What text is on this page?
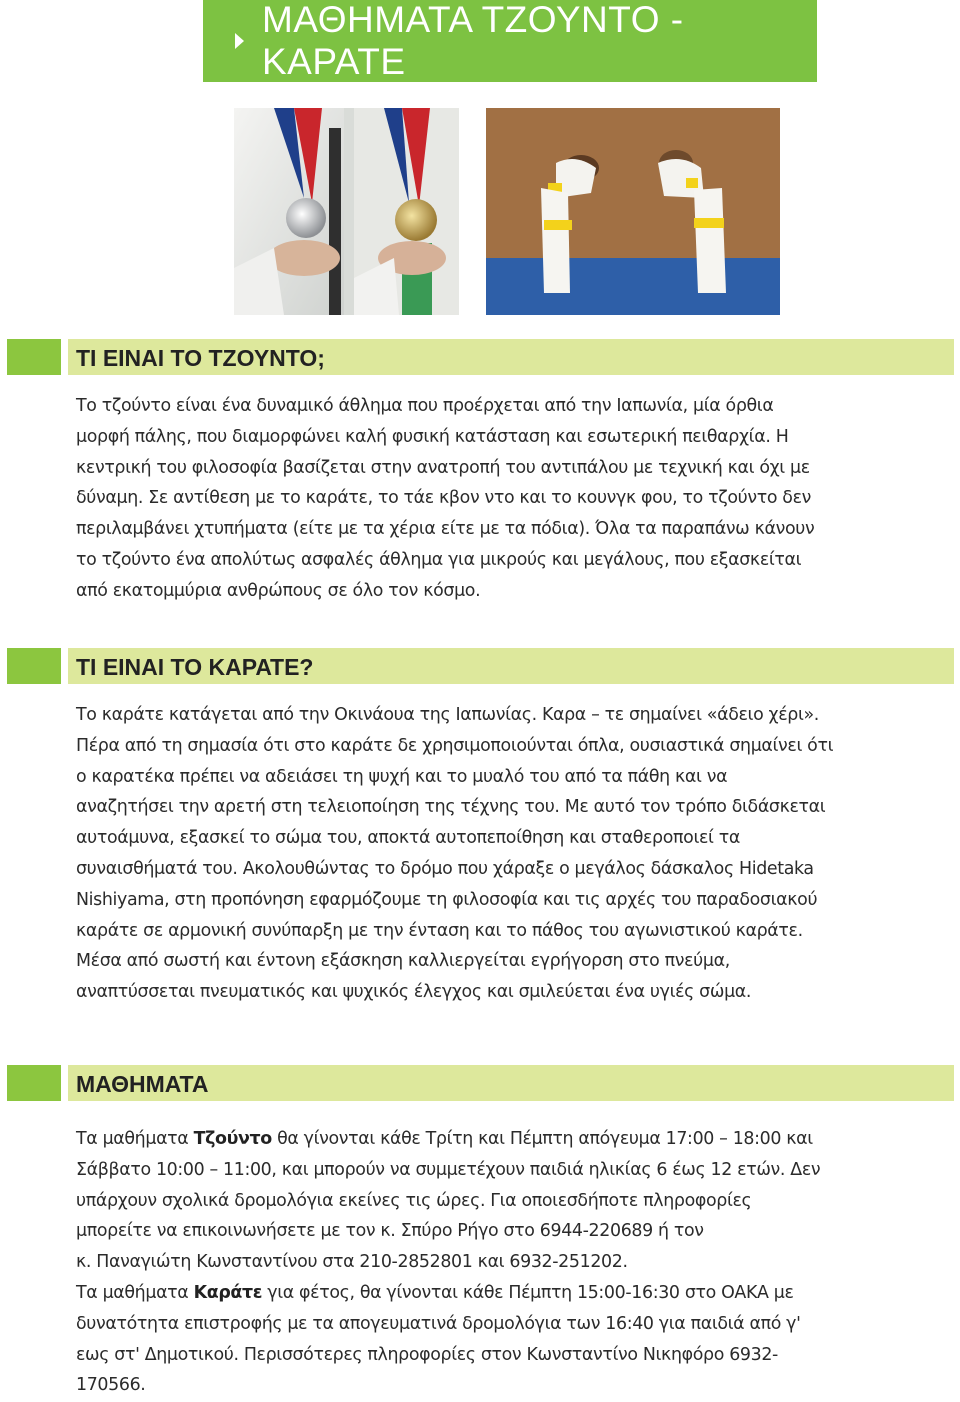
ΜΑΘΗΜΑΤΑ ΤΖΟΥΝΤΟ - ΚΑΡΑΤΕ
ΤΙ ΕΙΝΑΙ ΤΟ ΤΖΟΥΝΤΟ;

Το τζούντο είναι ένα δυναμικό άθλημα που προέρχεται από την Ιαπωνία, μία όρθια

μορφή πάλης, που διαμορφώνει καλή φυσική κατάσταση και εσωτερική πειθαρχία. Η

κεντρική του φιλοσοφία βασίζεται στην ανατροπή του αντιπάλου με τεχνική και όχι με

δύναμη. Σε αντίθεση με το καράτε, το τάε κβον ντο και το κουνγκ φου, το τζούντο δεν

περιλαμβάνει χτυπήματα (είτε με τα χέρια είτε με τα πόδια). Όλα τα παραπάνω κάνουν

το τζούντο ένα απολύτως ασφαλές άθλημα για μικρούς και μεγάλους, που εξασκείται

από εκατομμύρια ανθρώπους σε όλο τον κόσμο.

ΤΙ ΕΙΝΑΙ ΤΟ ΚΑΡΑΤΕ?

Το καράτε κατάγεται από την Οκινάουα της Ιαπωνίας. Καρα – τε σημαίνει «άδειο χέρι».

Πέρα από τη σημασία ότι στο καράτε δε χρησιμοποιούνται όπλα, ουσιαστικά σημαίνει ότι

ο καρατέκα πρέπει να αδειάσει τη ψυχή και το μυαλό του από τα πάθη και να

αναζητήσει την αρετή στη τελειοποίηση της τέχνης του. Με αυτό τον τρόπο διδάσκεται

αυτοάμυνα, εξασκεί το σώμα του, αποκτά αυτοπεποίθηση και σταθεροποιεί τα

συναισθήματά του. Ακολουθώντας το δρόμο που χάραξε ο μεγάλος δάσκαλος Hidetaka

Nishiyama, στη προπόνηση εφαρμόζουμε τη φιλοσοφία και τις αρχές του παραδοσιακού

καράτε σε αρμονική συνύπαρξη με την ένταση και το πάθος του αγωνιστικού καράτε.

Μέσα από σωστή και έντονη εξάσκηση καλλιεργείται εγρήγορση στο πνεύμα,

αναπτύσσεται πνευματικός και ψυχικός έλεγχος και σμιλεύεται ένα υγιές σώμα.

ΜΑΘΗΜΑΤΑ

Τα μαθήματα Τζούντο θα γίνονται κάθε Τρίτη και Πέμπτη απόγευμα 17:00 – 18:00 και

Σάββατο 10:00 – 11:00, και μπορούν να συμμετέχουν παιδιά ηλικίας 6 έως 12 ετών. Δεν

υπάρχουν σχολικά δρομολόγια εκείνες τις ώρες. Για οποιεσδήποτε πληροφορίες

μπορείτε να επικοινωνήσετε με τον κ. Σπύρο Ρήγο στο 6944-220689 ή τον

κ. Παναγιώτη Κωνσταντίνου στα 210-2852801 και 6932-251202.

Τα μαθήματα Καράτε για φέτος, θα γίνονται κάθε Πέμπτη 15:00-16:30 στο ΟΑΚΑ με

δυνατότητα επιστροφής με τα απογευματινά δρομολόγια των 16:40 για παιδιά από γ'

εως στ' Δημοτικού. Περισσότερες πληροφορίες στον Κωνσταντίνο Νικηφόρο 6932-

170566.
